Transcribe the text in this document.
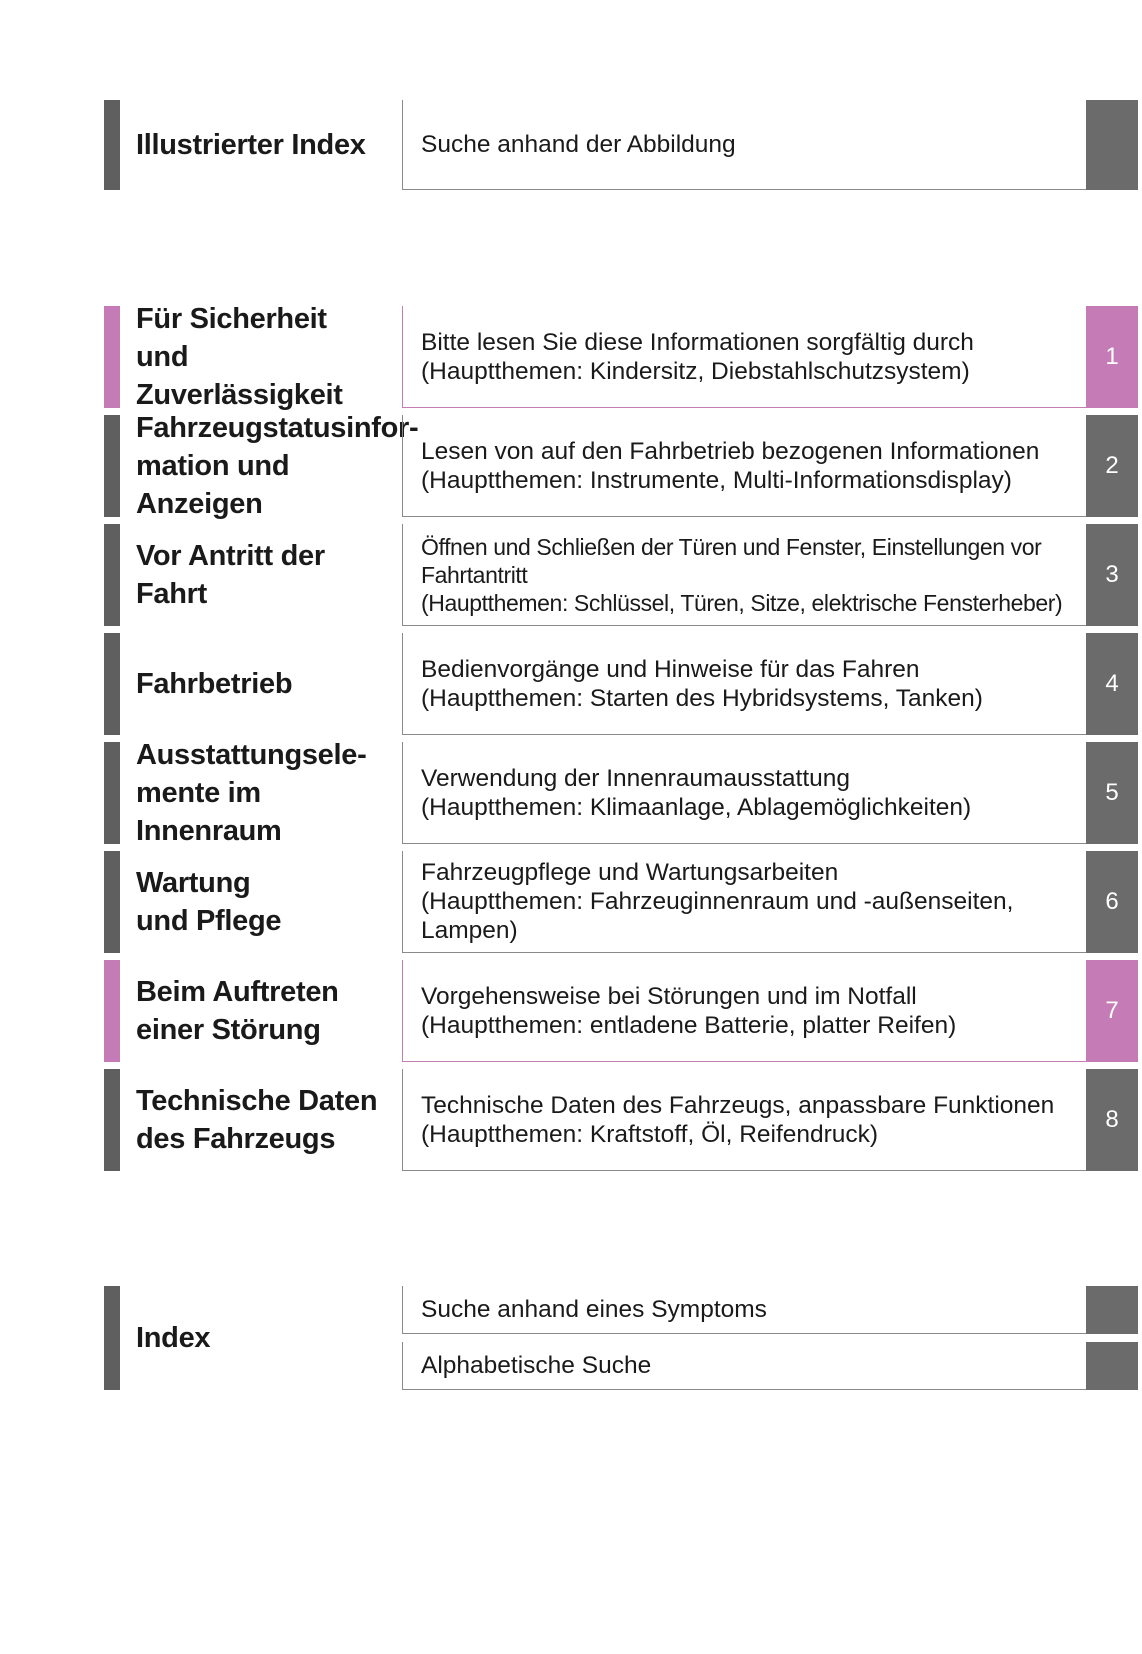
Illustrierter Index	Suche anhand der Abbildung
Für Sicherheit und
Zuverlässigkeit
Bitte lesen Sie diese Informationen sorgfältig durch
(Hauptthemen: Kindersitz, Diebstahlschutzsystem)
1
Fahrzeugstatusinfor-
mation und Anzeigen
Lesen von auf den Fahrbetrieb bezogenen Informationen
(Hauptthemen: Instrumente, Multi-Informationsdisplay)
2
Vor Antritt der
Fahrt
Öffnen und Schließen der Türen und Fenster, Einstellungen vor
Fahrtantritt
(Hauptthemen: Schlüssel, Türen, Sitze, elektrische Fensterheber)
3
Fahrbetrieb	Bedienvorgänge und Hinweise für das Fahren
(Hauptthemen: Starten des Hybridsystems, Tanken)
4
Ausstattungsele-
mente im Innenraum
Verwendung der Innenraumausstattung
(Hauptthemen: Klimaanlage, Ablagemöglichkeiten)
5
Wartung
und Pflege
Fahrzeugpflege und Wartungsarbeiten
(Hauptthemen: Fahrzeuginnenraum und -außenseiten,
Lampen)
6
Beim Auftreten
einer Störung
Vorgehensweise bei Störungen und im Notfall
(Hauptthemen: entladene Batterie, platter Reifen)
7
Technische Daten
des Fahrzeugs
Technische Daten des Fahrzeugs, anpassbare Funktionen
(Hauptthemen: Kraftstoff, Öl, Reifendruck)
8
Index
Suche anhand eines Symptoms
Alphabetische Suche
